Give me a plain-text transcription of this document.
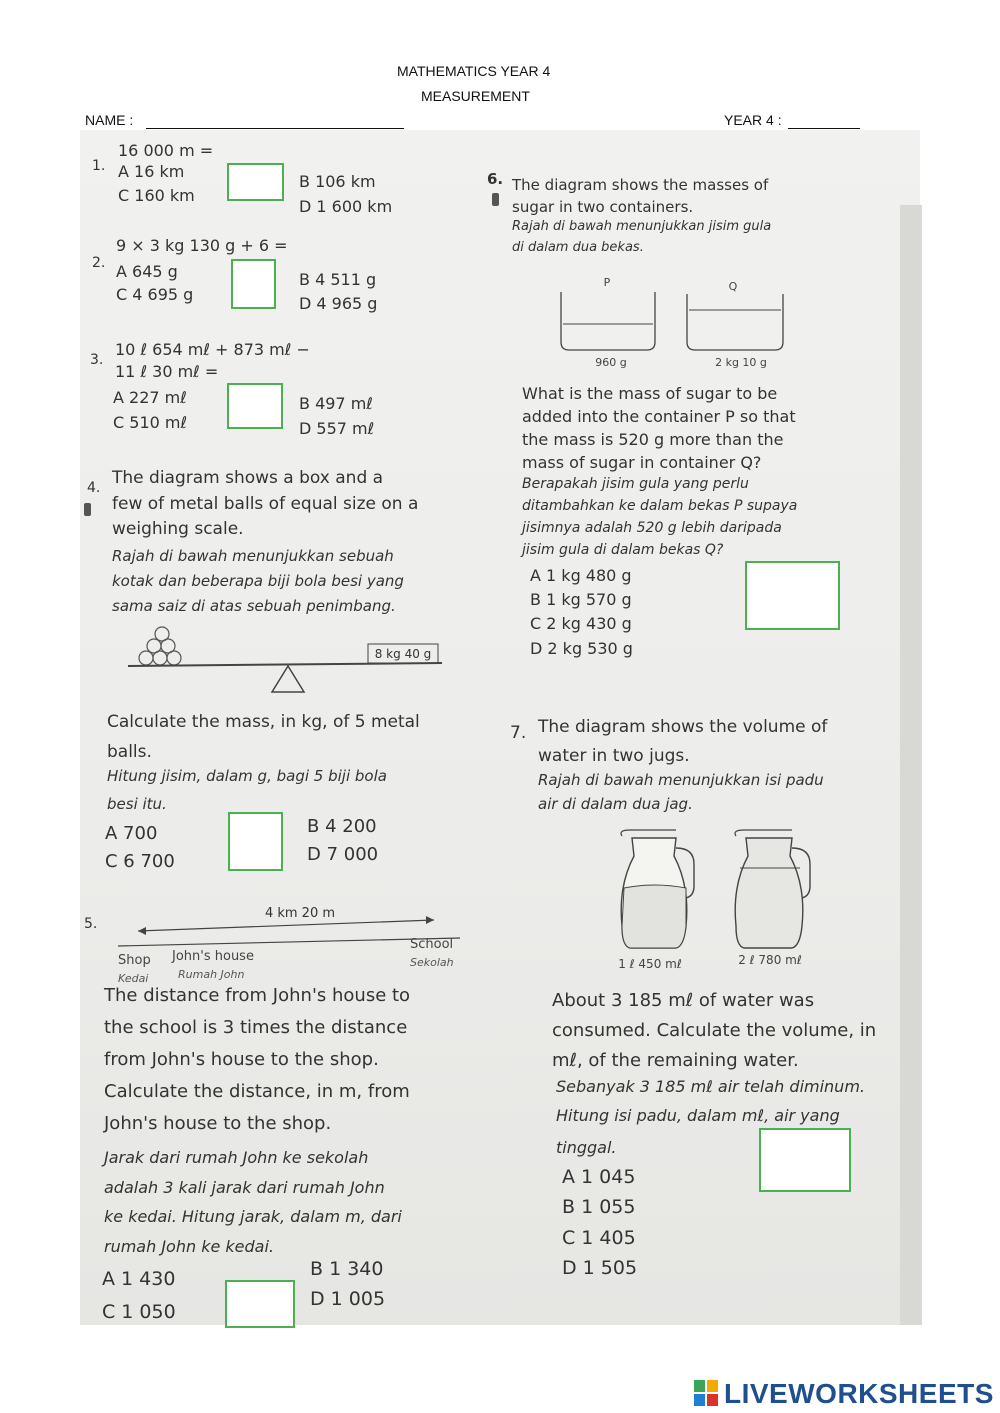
MATHEMATICS YEAR 4
MEASUREMENT
NAME :	YEAR 4 :
1.
16 000 m =
A 16 km
C 160 km
B 106 km
D 1 600 km
2.
9 × 3 kg 130 g + 6 =
A 645 g
C 4 695 g
B 4 511 g
D 4 965 g
3.
10 ℓ 654 mℓ + 873 mℓ −
11 ℓ 30 mℓ =
A 227 mℓ
C 510 mℓ
B 497 mℓ
D 557 mℓ
4. The diagram shows a box and a
few of metal balls of equal size on a
weighing scale.
Rajah di bawah menunjukkan sebuah
kotak dan beberapa biji bola besi yang
sama saiz di atas sebuah penimbang.
8 kg 40 g
Calculate the mass, in kg, of 5 metal
balls.
Hitung jisim, dalam g, bagi 5 biji bola
besi itu.
A 700
C 6 700
B 4 200
D 7 000
5.
4 km 20 m
Shop John's house
School
Kedai	Rumah John
Sekolah
The distance from John's house to
the school is 3 times the distance
from John's house to the shop.
Calculate the distance, in m, from
John's house to the shop.
Jarak dari rumah John ke sekolah
adalah 3 kali jarak dari rumah John
ke kedai. Hitung jarak, dalam m, dari
rumah John ke kedai.
A 1 430
C 1 050
B 1 340
D 1 005
6. The diagram shows the masses of
sugar in two containers.
Rajah di bawah menunjukkan jisim gula
di dalam dua bekas.
P	Q
960 g	2 kg 10 g
What is the mass of sugar to be
added into the container P so that
the mass is 520 g more than the
mass of sugar in container Q?
Berapakah jisim gula yang perlu
ditambahkan ke dalam bekas P supaya
jisimnya adalah 520 g lebih daripada
jisim gula di dalam bekas Q?
A 1 kg 480 g
B 1 kg 570 g
C 2 kg 430 g
D 2 kg 530 g
7. The diagram shows the volume of
water in two jugs.
Rajah di bawah menunjukkan isi padu
air di dalam dua jag.
1 ℓ 450 mℓ	2 ℓ 780 mℓ
About 3 185 mℓ of water was
consumed. Calculate the volume, in
mℓ, of the remaining water.
Sebanyak 3 185 mℓ air telah diminum.
Hitung isi padu, dalam mℓ, air yang
tinggal.
A 1 045
B 1 055
C 1 405
D 1 505
LIVEWORKSHEETS
